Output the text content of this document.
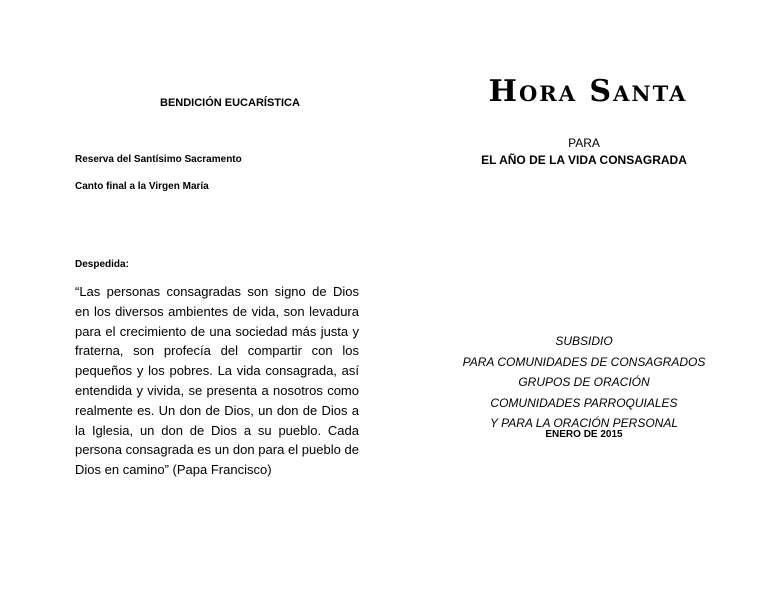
BENDICIÓN EUCARÍSTICA
Reserva del Santísimo Sacramento
Canto final a la Virgen María
Despedida:
“Las personas consagradas son signo de Dios en los diversos ambientes de vida, son levadura para el crecimiento de una sociedad más justa y fraterna, son profecía del compartir con los pequeños y los pobres. La vida consagrada, así entendida y vivida, se presenta a nosotros como realmente es. Un don de Dios, un don de Dios a la Iglesia, un don de Dios a su pueblo. Cada persona consagrada es un don para el pueblo de Dios en camino” (Papa Francisco)
Hora Santa
PARA
EL AÑO DE LA VIDA CONSAGRADA
SUBSIDIO
PARA COMUNIDADES DE CONSAGRADOS
GRUPOS DE ORACIÓN
COMUNIDADES PARROQUIALES
Y PARA LA ORACIÓN PERSONAL
ENERO DE 2015
